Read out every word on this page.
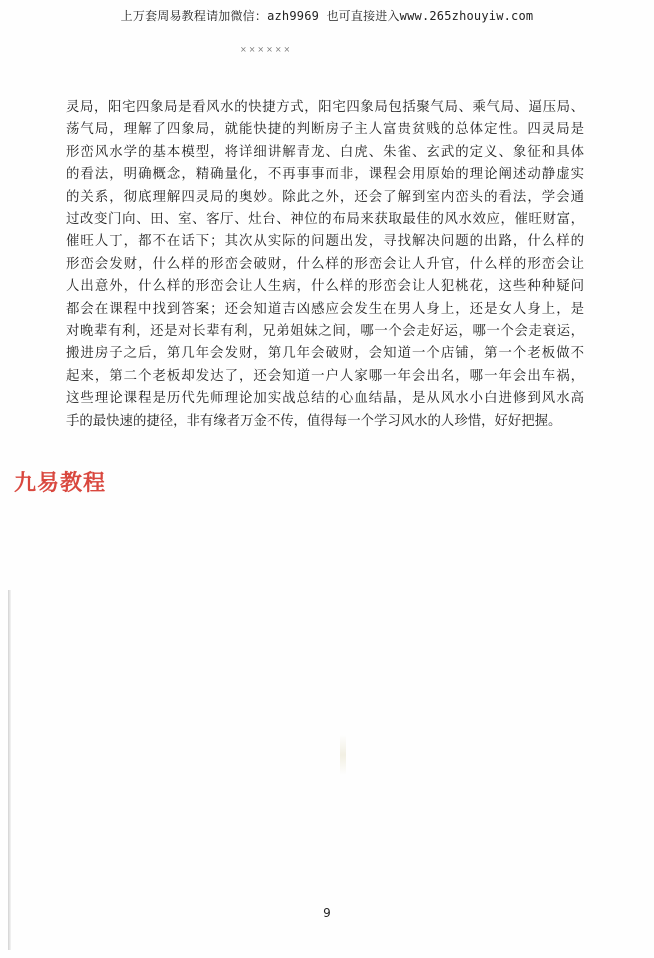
上万套周易教程请加微信：azh9969 也可直接进入www.265zhouyiw.com
××××××
灵局，阳宅四象局是看风水的快捷方式，阳宅四象局包括聚气局、乘气局、逼压局、
荡气局，理解了四象局，就能快捷的判断房子主人富贵贫贱的总体定性。四灵局是
形峦风水学的基本模型，将详细讲解青龙、白虎、朱雀、玄武的定义、象征和具体
的看法，明确概念，精确量化，不再事事而非，课程会用原始的理论阐述动静虚实
的关系，彻底理解四灵局的奥妙。除此之外，还会了解到室内峦头的看法，学会通
过改变门向、田、室、客厅、灶台、神位的布局来获取最佳的风水效应，催旺财富，
催旺人丁，都不在话下；其次从实际的问题出发，寻找解决问题的出路，什么样的
形峦会发财，什么样的形峦会破财，什么样的形峦会让人升官，什么样的形峦会让
人出意外，什么样的形峦会让人生病，什么样的形峦会让人犯桃花，这些种种疑问
都会在课程中找到答案；还会知道吉凶感应会发生在男人身上，还是女人身上，是
对晚辈有利，还是对长辈有利，兄弟姐妹之间，哪一个会走好运，哪一个会走衰运，
搬进房子之后，第几年会发财，第几年会破财，会知道一个店铺，第一个老板做不
起来，第二个老板却发达了，还会知道一户人家哪一年会出名，哪一年会出车祸，
这些理论课程是历代先师理论加实战总结的心血结晶，是从风水小白进修到风水高
手的最快速的捷径，非有缘者万金不传，值得每一个学习风水的人珍惜，好好把握。
九易教程
9
